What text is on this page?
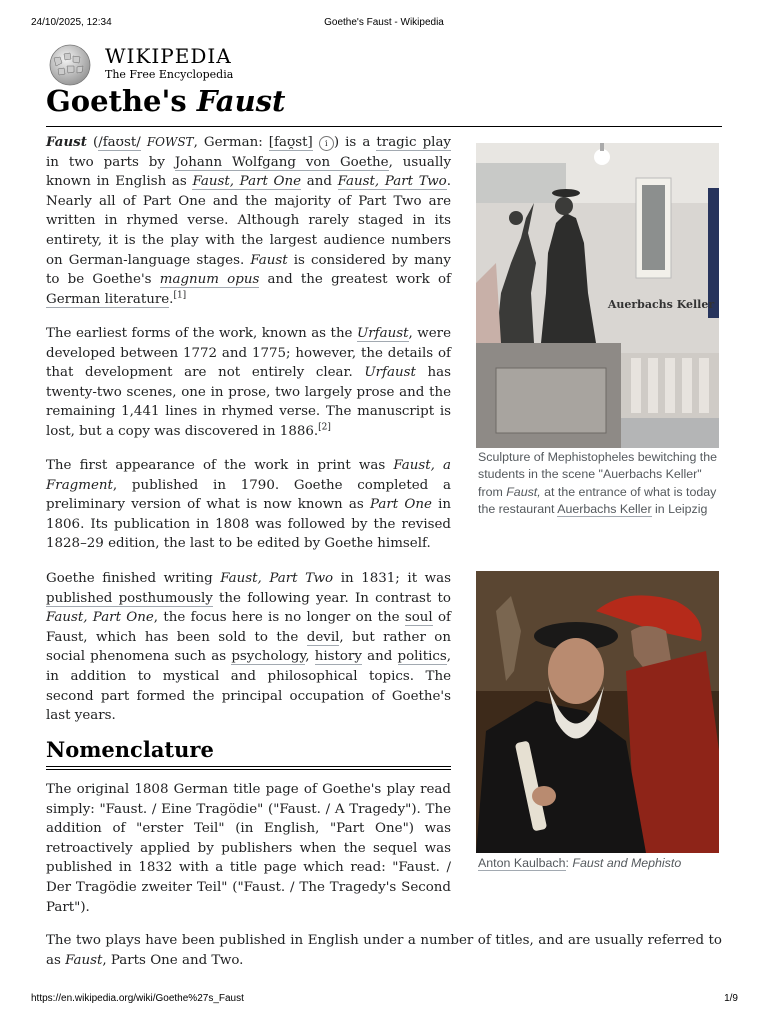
24/10/2025, 12:34	Goethe's Faust - Wikipedia
WIKIPEDIA
The Free Encyclopedia
Goethe's Faust

Faust (/faʊst/ FOWST, German: [faʊ̯st] i ) is a tragic play in two parts by Johann Wolfgang von Goethe, usually known in English as Faust, Part One and Faust, Part Two. Nearly all of Part One and the majority of Part Two are written in rhymed verse. Although rarely staged in its entirety, it is the play with the largest audience numbers on German-language stages. Faust is considered by many to be Goethe's magnum opus and the greatest work of German literature.[1]

The earliest forms of the work, known as the Urfaust, were developed between 1772 and 1775; however, the details of that development are not entirely clear. Urfaust has twenty-two scenes, one in prose, two largely prose and the remaining 1,441 lines in rhymed verse. The manuscript is lost, but a copy was discovered in 1886.[2]

The first appearance of the work in print was Faust, a Fragment, published in 1790. Goethe completed a preliminary version of what is now known as Part One in 1806. Its publication in 1808 was followed by the revised 1828–29 edition, the last to be edited by Goethe himself.

Goethe finished writing Faust, Part Two in 1831; it was published posthumously the following year. In contrast to Faust, Part One, the focus here is no longer on the soul of Faust, which has been sold to the devil, but rather on social phenomena such as psychology, history and politics, in addition to mystical and philosophical topics. The second part formed the principal occupation of Goethe's last years.

Nomenclature
The original 1808 German title page of Goethe's play read simply: "Faust. / Eine Tragödie" ("Faust. / A Tragedy"). The addition of "erster Teil" (in English, "Part One") was retroactively applied by publishers when the sequel was published in 1832 with a title page which read: "Faust. / Der Tragödie zweiter Teil" ("Faust. / The Tragedy's Second Part").

The two plays have been published in English under a number of titles, and are usually referred to as Faust, Parts One and Two.

Auerbachs Keller
Sculpture of Mephistopheles bewitching the students in the scene "Auerbachs Keller" from Faust, at the entrance of what is today the restaurant Auerbachs Keller in Leipzig
Anton Kaulbach: Faust and Mephisto
https://en.wikipedia.org/wiki/Goethe%27s_Faust	1/9
